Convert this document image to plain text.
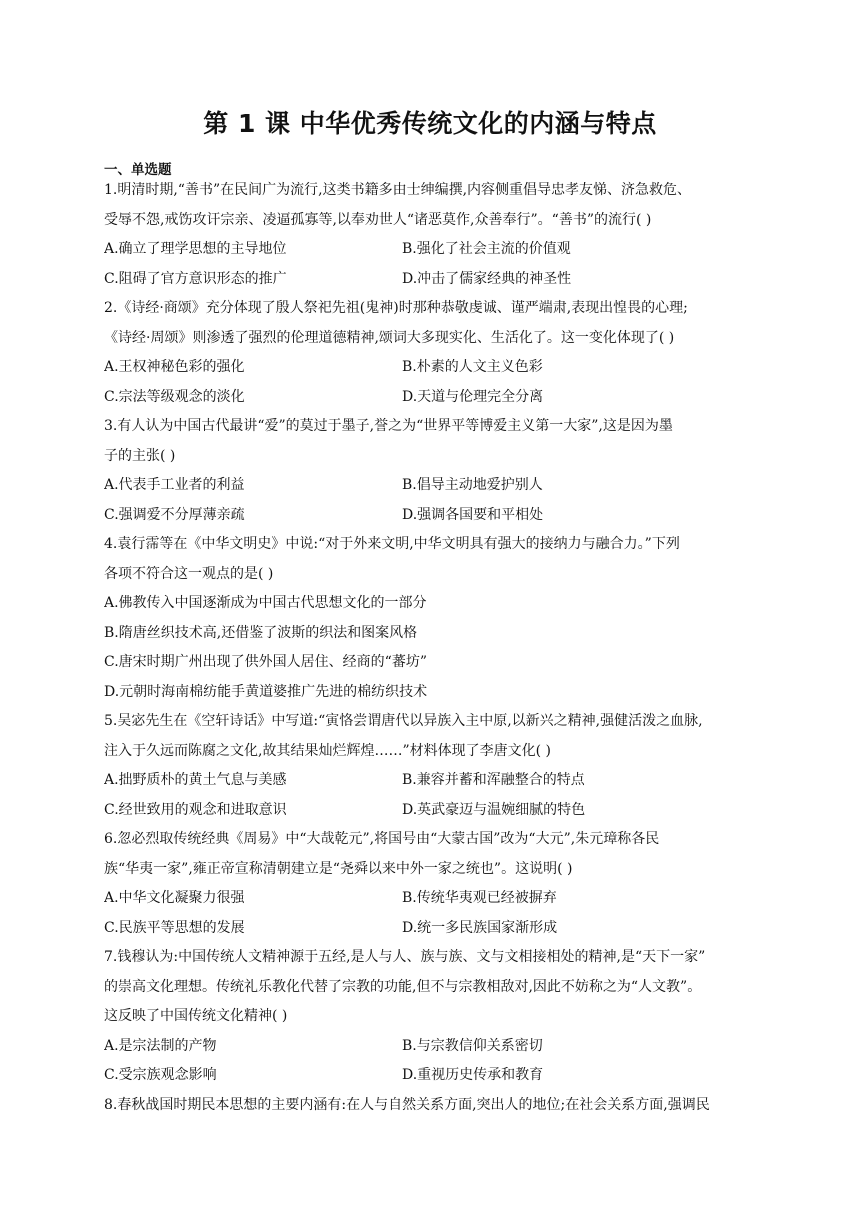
第 1 课 中华优秀传统文化的内涵与特点
一、单选题
1.明清时期,“善书”在民间广为流行,这类书籍多由士绅编撰,内容侧重倡导忠孝友悌、济急救危、
受辱不怨,戒饬攻讦宗亲、凌逼孤寡等,以奉劝世人“诸恶莫作,众善奉行”。“善书”的流行( )
A.确立了理学思想的主导地位	B.强化了社会主流的价值观
C.阻碍了官方意识形态的推广	D.冲击了儒家经典的神圣性
2.《诗经·商颂》充分体现了殷人祭祀先祖(鬼神)时那种恭敬虔诚、谨严端肃,表现出惶畏的心理;
《诗经·周颂》则渗透了强烈的伦理道德精神,颂词大多现实化、生活化了。这一变化体现了( )
A.王权神秘色彩的强化	B.朴素的人文主义色彩
C.宗法等级观念的淡化	D.天道与伦理完全分离
3.有人认为中国古代最讲“爱”的莫过于墨子,誉之为“世界平等博爱主义第一大家”,这是因为墨
子的主张( )
A.代表手工业者的利益	B.倡导主动地爱护别人
C.强调爱不分厚薄亲疏	D.强调各国要和平相处
4.袁行霈等在《中华文明史》中说:“对于外来文明,中华文明具有强大的接纳力与融合力。”下列
各项不符合这一观点的是( )
A.佛教传入中国逐渐成为中国古代思想文化的一部分
B.隋唐丝织技术高,还借鉴了波斯的织法和图案风格
C.唐宋时期广州出现了供外国人居住、经商的“蕃坊”
D.元朝时海南棉纺能手黄道婆推广先进的棉纺织技术
5.吴宓先生在《空轩诗话》中写道:“寅恪尝谓唐代以异族入主中原,以新兴之精神,强健活泼之血脉,
注入于久远而陈腐之文化,故其结果灿烂辉煌……”材料体现了李唐文化( )
A.拙野质朴的黄土气息与美感	B.兼容并蓄和浑融整合的特点
C.经世致用的观念和进取意识	D.英武豪迈与温婉细腻的特色
6.忽必烈取传统经典《周易》中“大哉乾元”,将国号由“大蒙古国”改为“大元”,朱元璋称各民
族“华夷一家”,雍正帝宣称清朝建立是“尧舜以来中外一家之统也”。这说明( )
A.中华文化凝聚力很强	B.传统华夷观已经被摒弃
C.民族平等思想的发展	D.统一多民族国家渐形成
7.钱穆认为:中国传统人文精神源于五经,是人与人、族与族、文与文相接相处的精神,是“天下一家”
的崇高文化理想。传统礼乐教化代替了宗教的功能,但不与宗教相敌对,因此不妨称之为“人文教”。
这反映了中国传统文化精神( )
A.是宗法制的产物	B.与宗教信仰关系密切
C.受宗族观念影响	D.重视历史传承和教育
8.春秋战国时期民本思想的主要内涵有:在人与自然关系方面,突出人的地位;在社会关系方面,强调民
